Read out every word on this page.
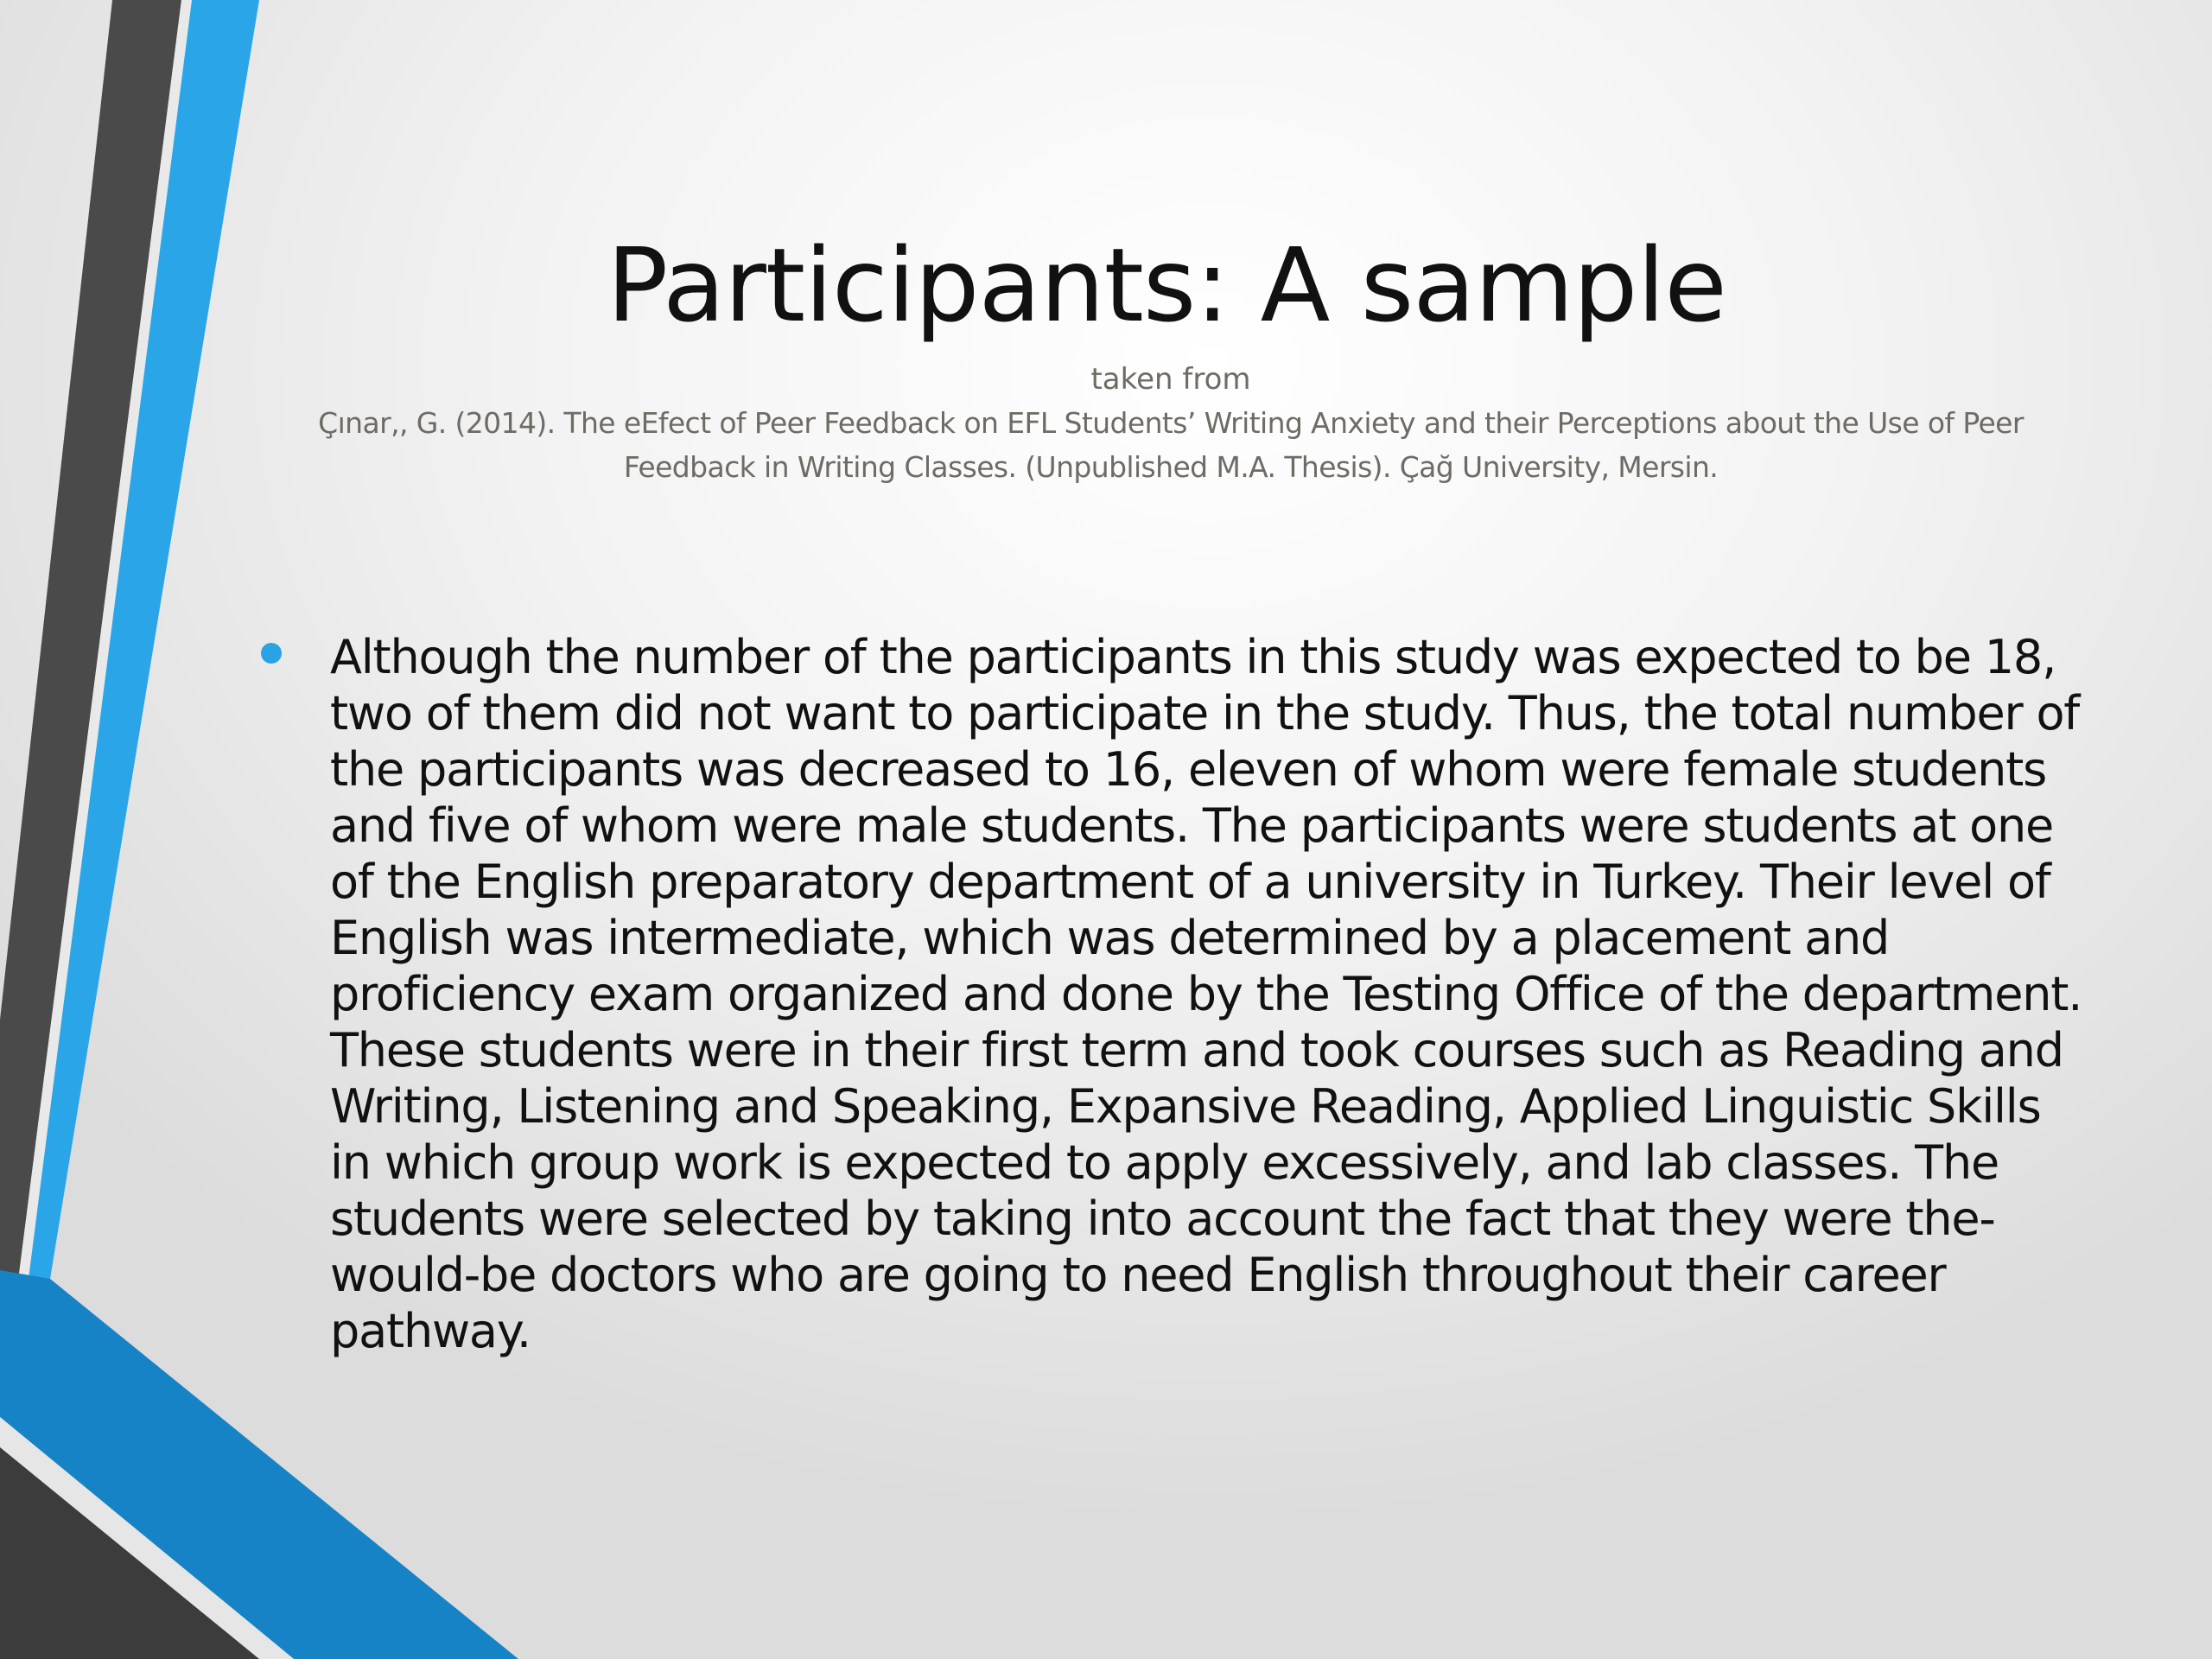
Participants: A sample
taken from
Çınar,, G. (2014). The eEfect of Peer Feedback on EFL Students’ Writing Anxiety and their Perceptions about the Use of Peer Feedback in Writing Classes. (Unpublished M.A. Thesis). Çağ University, Mersin.

Although the number of the participants in this study was expected to be 18, two of them did not want to participate in the study. Thus, the total number of the participants was decreased to 16, eleven of whom were female students and five of whom were male students. The participants were students at one of the English preparatory department of a university in Turkey. Their level of English was intermediate, which was determined by a placement and proficiency exam organized and done by the Testing Office of the department. These students were in their first term and took courses such as Reading and Writing, Listening and Speaking, Expansive Reading, Applied Linguistic Skills in which group work is expected to apply excessively, and lab classes. The students were selected by taking into account the fact that they were the-would-be doctors who are going to need English throughout their career pathway.
